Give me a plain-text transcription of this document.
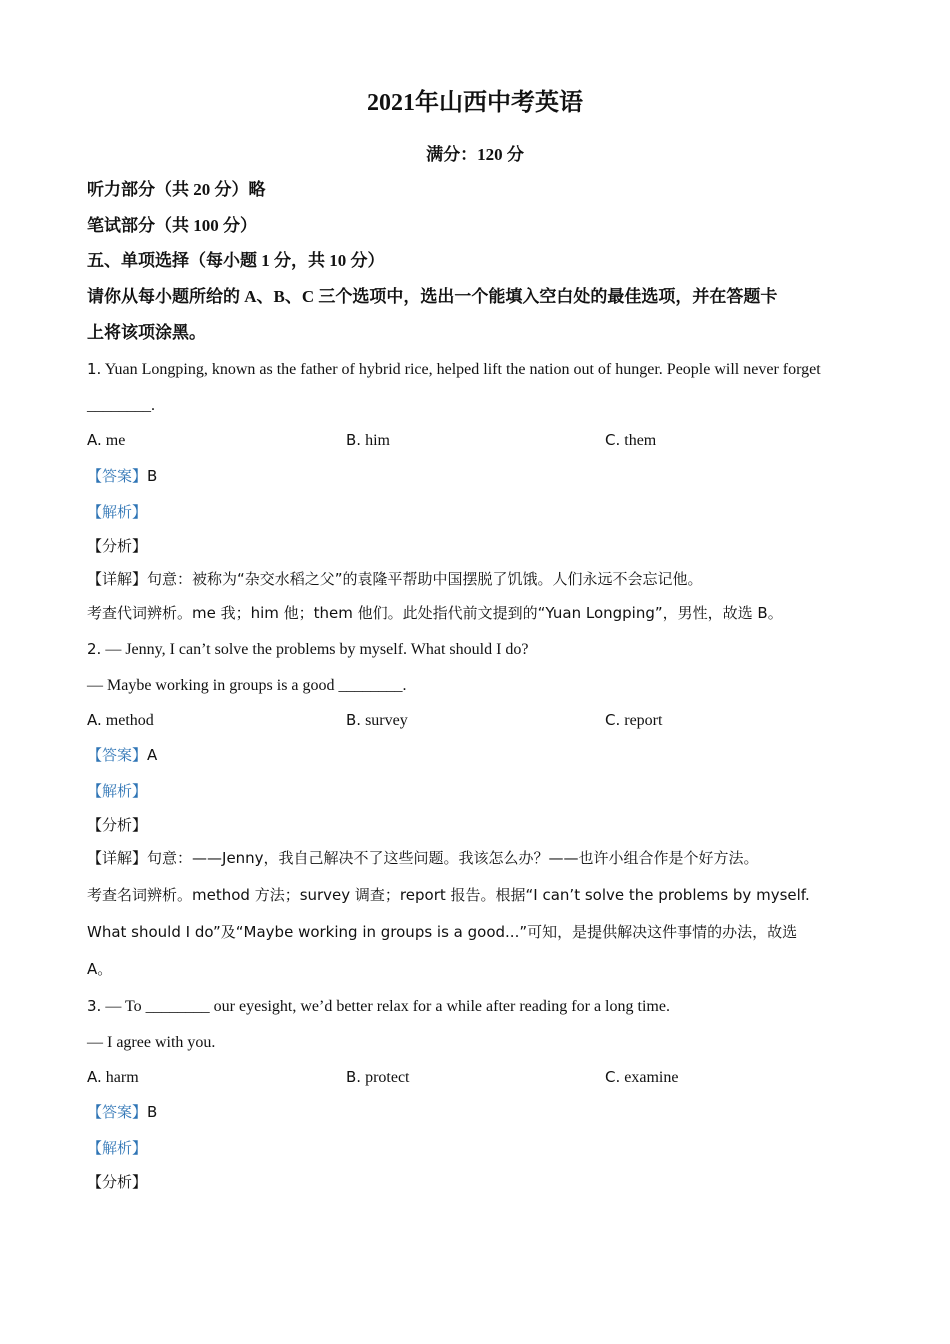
2021年山西中考英语
满分：120 分
听力部分（共 20 分）略
笔试部分（共 100 分）
五、单项选择（每小题 1 分，共 10 分）
请你从每小题所给的 A、B、C 三个选项中，选出一个能填入空白处的最佳选项，并在答题卡
上将该项涂黑。
1. Yuan Longping, known as the father of hybrid rice, helped lift the nation out of hunger. People will never forget
________.
A. me	B. him	C. them
【答案】B
【解析】
【分析】
【详解】句意：被称为“杂交水稻之父”的袁隆平帮助中国摆脱了饥饿。人们永远不会忘记他。
考查代词辨析。me 我；him 他；them 他们。此处指代前文提到的“Yuan Longping”，男性，故选 B。
2. — Jenny, I can’t solve the problems by myself. What should I do?
— Maybe working in groups is a good ________.
A. method	B. survey	C. report
【答案】A
【解析】
【分析】
【详解】句意：——Jenny，我自己解决不了这些问题。我该怎么办？——也许小组合作是个好方法。
考查名词辨析。method 方法；survey 调查；report 报告。根据“I can’t solve the problems by myself.
What should I do”及“Maybe working in groups is a good...”可知，是提供解决这件事情的办法，故选
A。
3. — To ________ our eyesight, we’d better relax for a while after reading for a long time.
— I agree with you.
A. harm	B. protect	C. examine
【答案】B
【解析】
【分析】
